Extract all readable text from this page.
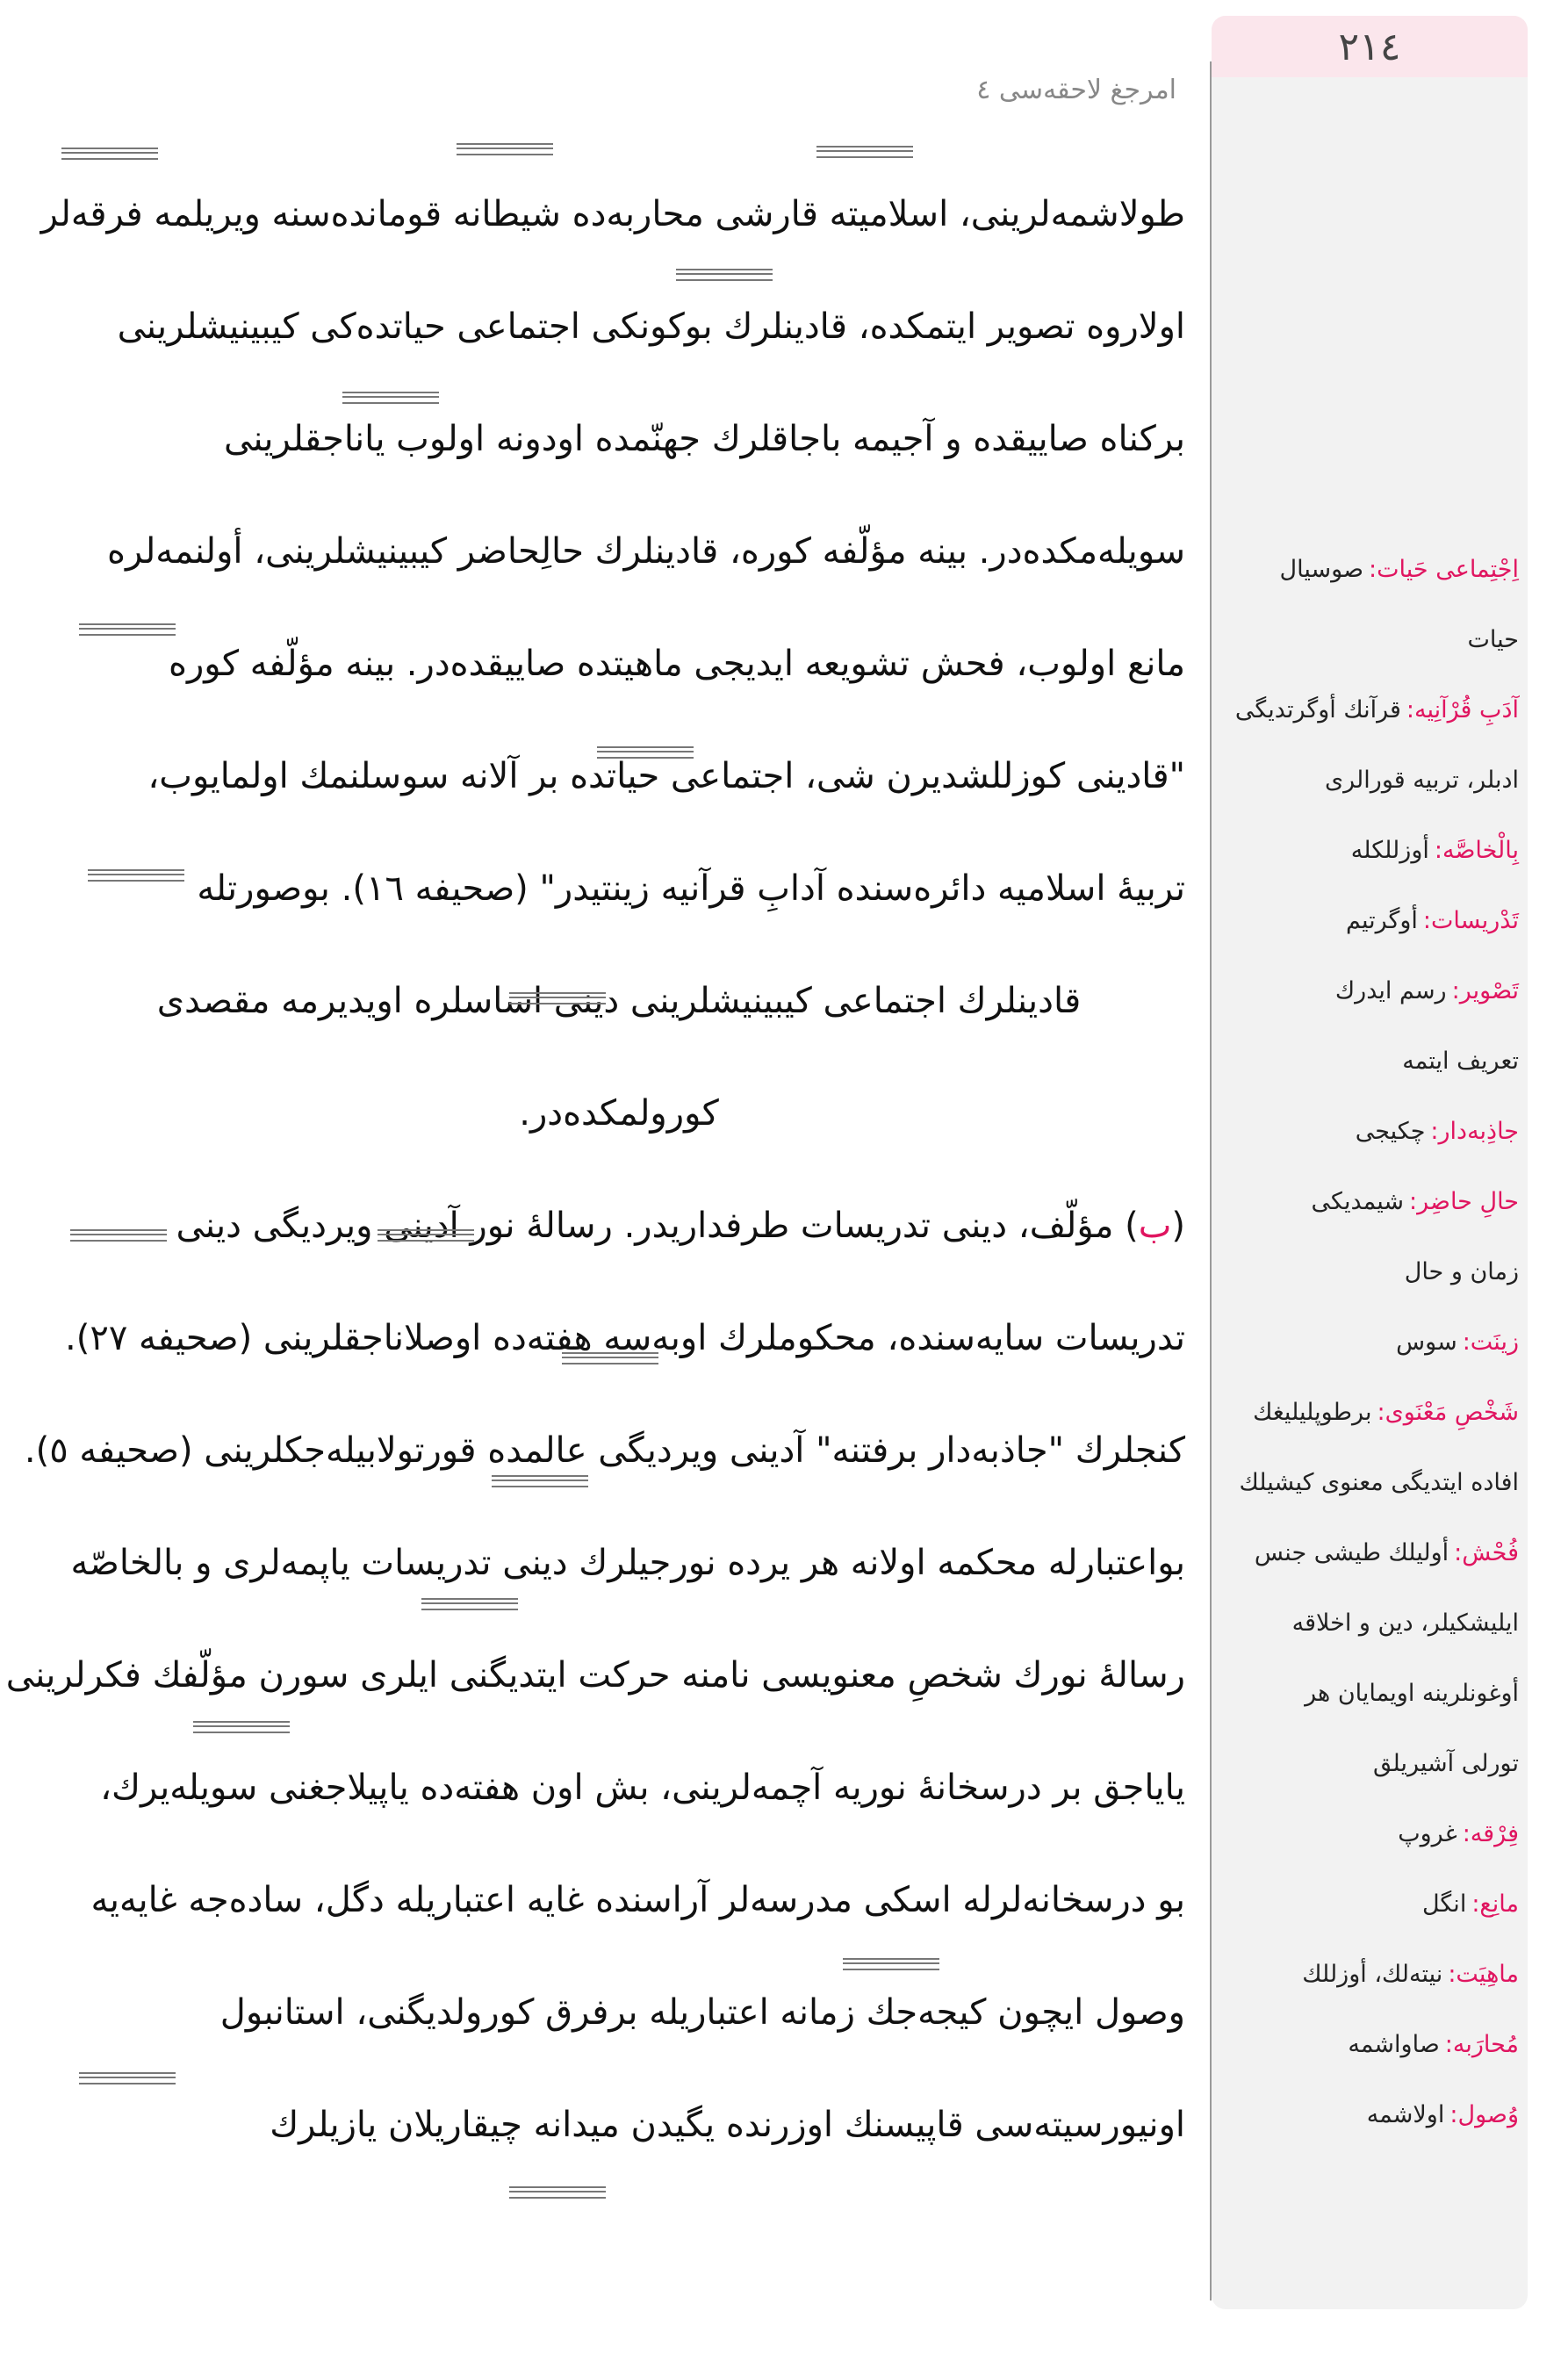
امرجغ لاحقه‌سی ٤
طولاشمەلرینی، اسلامیتە قارشی محاربەدە شیطانە قوماندەسنە ویریلمە فرقەلر
اولاروه تصویر ایتمکده، قادینلرك بوكونكی اجتماعی حیاتده‌كی كیبینیشلرینی
بركناه صاییقده و آجیمە باجاقلرك جهنّمده اودونە اولوب یاناجقلرینی
سویلەمكده‌در. بینه مؤلّفه كوره، قادینلرك حالِحاضر كیبینیشلرینی، أولنمەلرە
مانع اولوب، فحش تشویعه ایدیجی ماهیتده صاییقده‌در. بینه مؤلّفه كوره
"قادینی كوزللشدیرن شی، اجتماعی حیاتده بر آلانه سوسلنمك اولمایوب،
تربیهٔ اسلامیه دائره‌سنده آدابِ قرآنیه زینتیدر" (صحیفه ١٦). بوصورتله
قادینلرك اجتماعی كیبینیشلرینی دینی اساسلره اویدیرمه مقصدی
كورولمكده‌در.
(ب) مؤلّف، دینی تدریسات طرفداریدر. رسالهٔ نور آدینی ویردیگی دینی
تدریسات سایه‌سنده، محكوملرك اوبه‌سه هفته‌ده اوصلاناجقلرینی (صحیفه ٢٧).
كنجلرك "جاذبه‌دار برفتنه" آدینی ویردیگی عالمده قورتولابیله‌جكلرینی (صحیفه ٥).
بواعتبارله محكمە اولانه هر یرده نورجیلرك دینی تدریسات یاپمەلری و بالخاصّه
رسالهٔ نورك شخصِ معنویسی نامنه حركت ایتدیگنی ایلری سورن مؤلّفك فكرلرینی
یایاجق بر درسخانهٔ نوریه آچمەلرینی، بش اون هفته‌ده یاپیلاجغنی سویلەیرك،
بو درسخانەلرله اسكی مدرسەلر آراسنده غایه اعتباریله دگل، ساده‌جه غایه‌یه
وصول ایچون كیجه‌جك زمانه اعتباریله برفرق كورولدیگنی، استانبول
اونیورسیته‌سی قاپیسنك اوزرنده یگیدن میدانه چیقاریلان یازیلرك
٢١٤
اِجْتِماعی حَیات:
صوسیال
حیات
آدَبِ قُرْآنِیه:
قرآنك أوگرتدیگی
ادبلر، تربیه قورالری
بِالْخاصَّه:
أوزللكله
تَدْریسات:
أوگرتیم
تَصْویر:
رسم ایدرك
تعریف ایتمه
جاذِبه‌دار:
چكیجی
حالِ حاضِر:
شیمدیكی
زمان و حال
زینَت:
سوس
شَخْصِ مَعْنَوی:
برطوپلیلیغك
افاده ایتدیگی معنوی كیشیلك
فُحْش:
أولیلك طیشی جنس
ایلیشكیلر، دین و اخلاقه
أوغونلرینه اویمایان هر
تورلی آشیریلق
فِرْقه:
غروپ
مانِع:
انگل
ماهِیَت:
نیته‌لك، أوزللك
مُحارَبه:
صاواشمه
وُصول:
اولاشمه
